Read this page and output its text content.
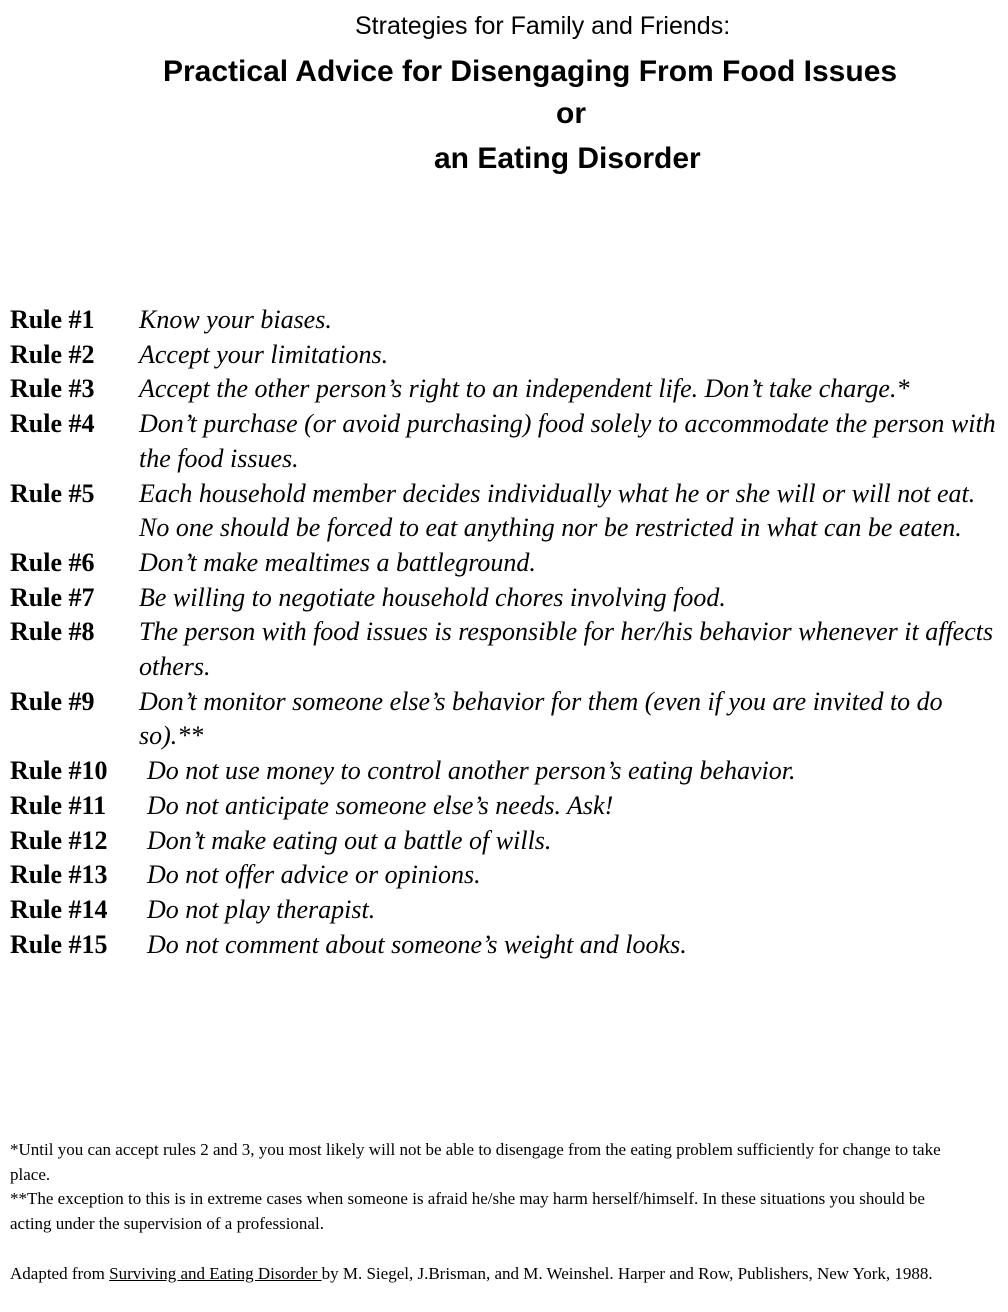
Strategies for Family and Friends:
Practical Advice for Disengaging From Food Issues
or
an Eating Disorder
Rule #1 Know your biases.
Rule #2 Accept your limitations.
Rule #3 Accept the other person’s right to an independent life. Don’t take charge.*
Rule #4 Don’t purchase (or avoid purchasing) food solely to accommodate the person with the food issues.
Rule #5 Each household member decides individually what he or she will or will not eat. No one should be forced to eat anything nor be restricted in what can be eaten.
Rule #6 Don’t make mealtimes a battleground.
Rule #7 Be willing to negotiate household chores involving food.
Rule #8 The person with food issues is responsible for her/his behavior whenever it affects others.
Rule #9 Don’t monitor someone else’s behavior for them (even if you are invited to do so).**
Rule #10 Do not use money to control another person’s eating behavior.
Rule #11 Do not anticipate someone else’s needs. Ask!
Rule #12 Don’t make eating out a battle of wills.
Rule #13 Do not offer advice or opinions.
Rule #14 Do not play therapist.
Rule #15 Do not comment about someone’s weight and looks.

*Until you can accept rules 2 and 3, you most likely will not be able to disengage from the eating problem sufficiently for change to take place.

**The exception to this is in extreme cases when someone is afraid he/she may harm herself/himself. In these situations you should be acting under the supervision of a professional.

Adapted from Surviving and Eating Disorder by M. Siegel, J.Brisman, and M. Weinshel. Harper and Row, Publishers, New York, 1988.
